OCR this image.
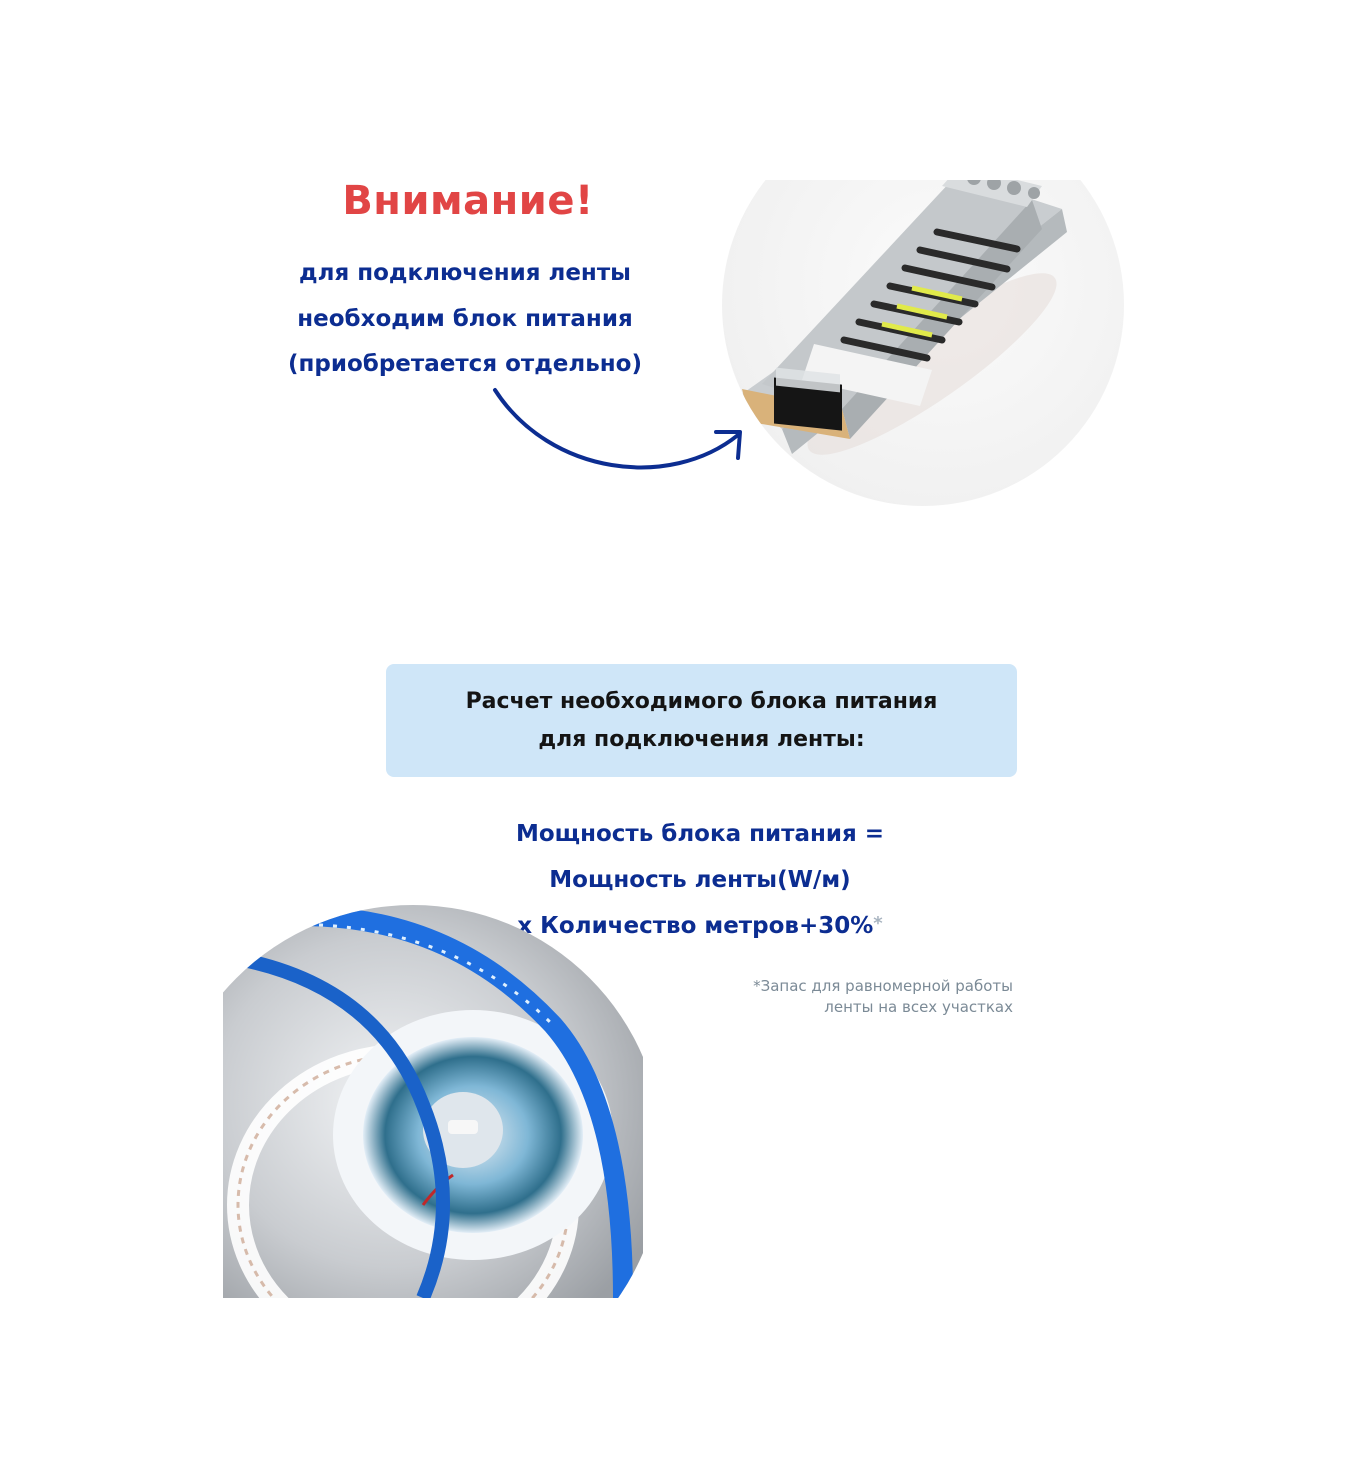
Внимание!
для подключения ленты
необходим блок питания
(приобретается отдельно)
Расчет необходимого блока питания
для подключения ленты:
Мощность блока питания =
Мощность ленты(W/м)
х Количество метров+30%*
*Запас для равномерной работы
ленты на всех участках
